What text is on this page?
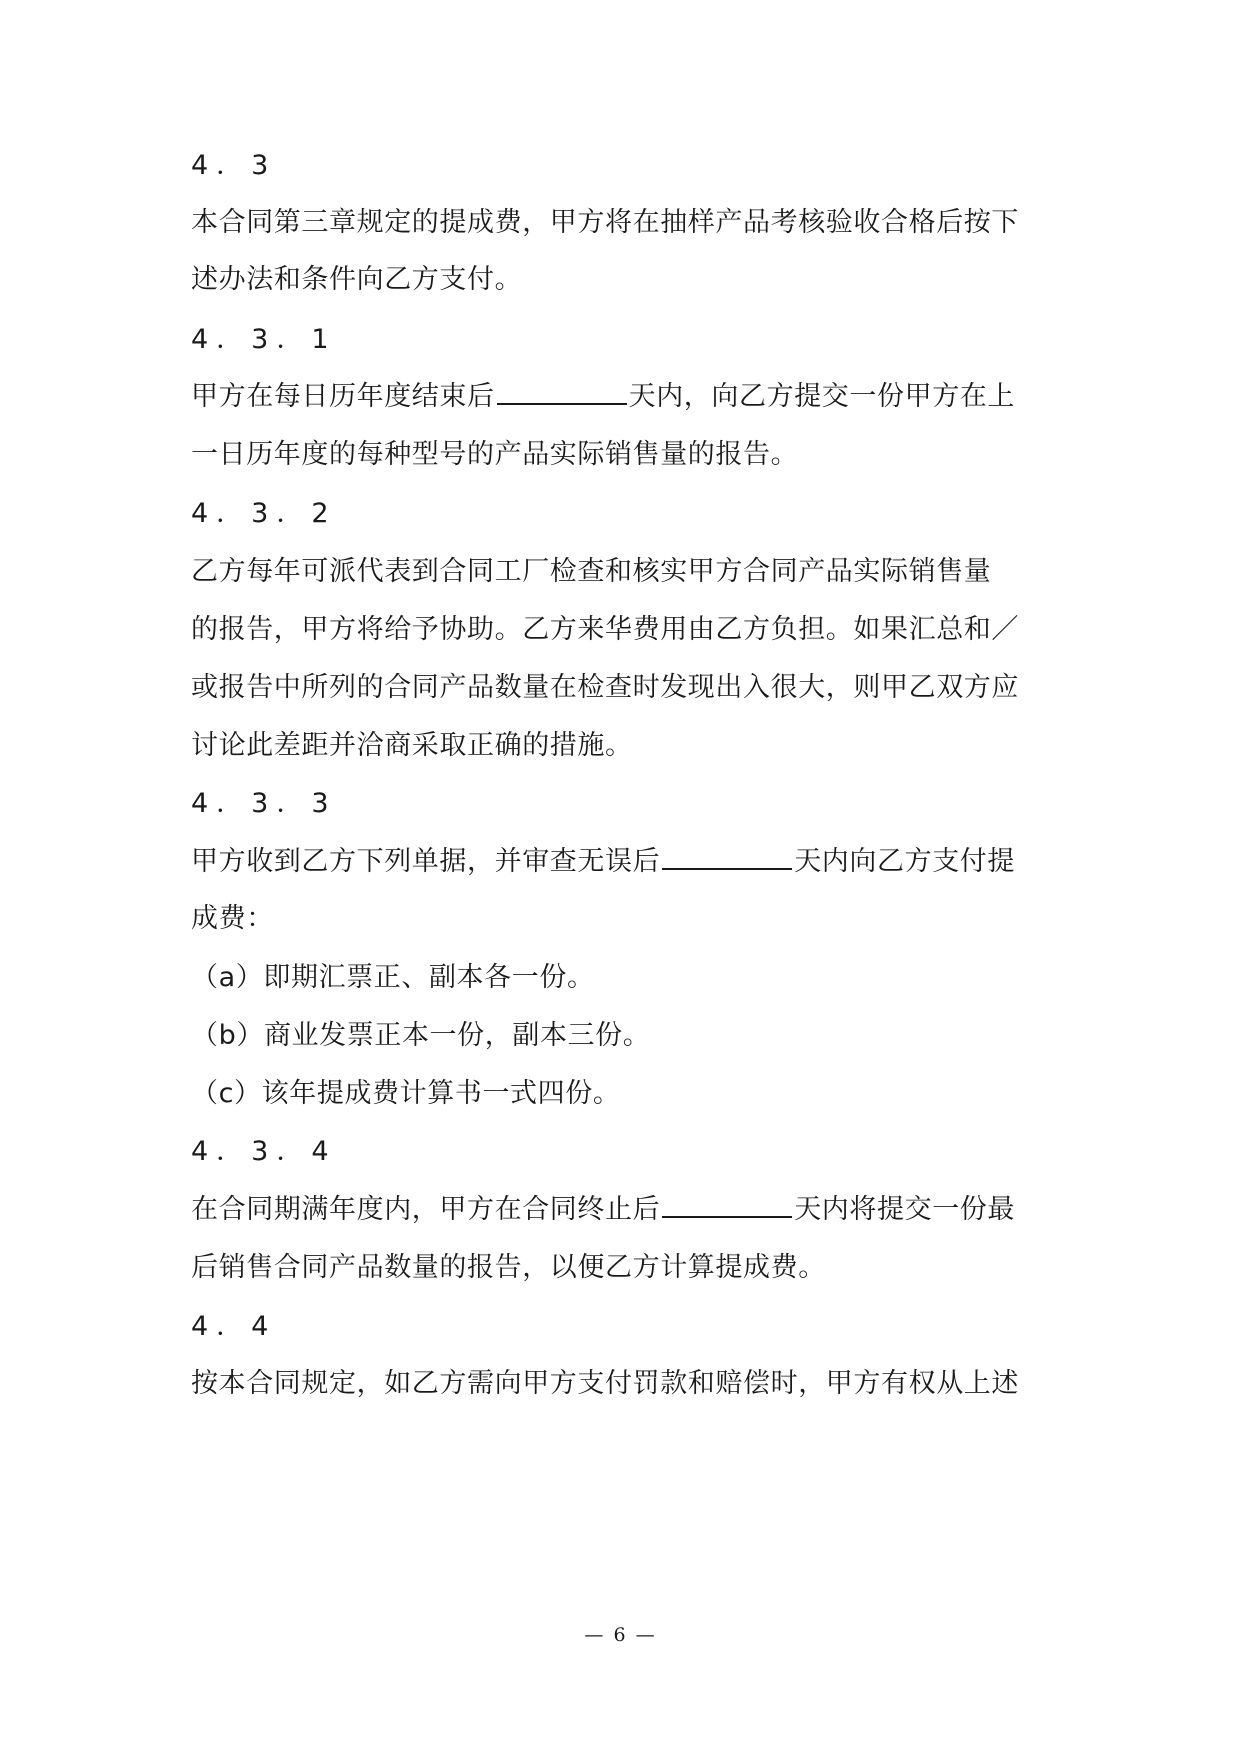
4．3
本合同第三章规定的提成费，甲方将在抽样产品考核验收合格后按下
述办法和条件向乙方支付。
4．3．1
甲方在每日历年度结束后	天内，向乙方提交一份甲方在上
一日历年度的每种型号的产品实际销售量的报告。
4．3．2
乙方每年可派代表到合同工厂检查和核实甲方合同产品实际销售量
的报告，甲方将给予协助。乙方来华费用由乙方负担。如果汇总和／
或报告中所列的合同产品数量在检查时发现出入很大，则甲乙双方应
讨论此差距并洽商采取正确的措施。
4．3．3
甲方收到乙方下列单据，并审查无误后	天内向乙方支付提
成费：
（a）即期汇票正、副本各一份。
（b）商业发票正本一份，副本三份。
（c）该年提成费计算书一式四份。
4．3．4
在合同期满年度内，甲方在合同终止后	天内将提交一份最
后销售合同产品数量的报告，以便乙方计算提成费。
4．4
按本合同规定，如乙方需向甲方支付罚款和赔偿时，甲方有权从上述
— 6 —
